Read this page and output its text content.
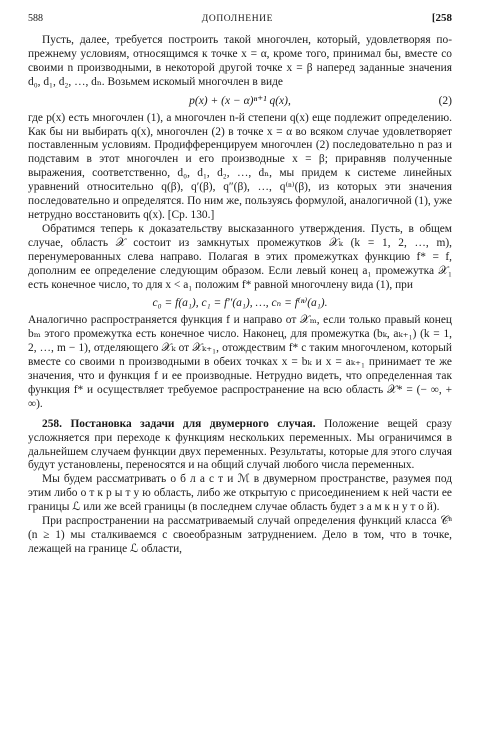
588	ДОПОЛНЕНИЕ	[258

Пусть, далее, требуется построить такой многочлен, который, удовлетворяя по-прежнему условиям, относящимся к точке x = α, кроме того, принимал бы, вместе со своими n производными, в некоторой другой точке x = β наперед заданные значения d₀, d₁, d₂, …, dₙ. Возьмем искомый многочлен в виде

p(x) + (x − α)ⁿ⁺¹ q(x),	(2)

где p(x) есть многочлен (1), а многочлен n-й степени q(x) еще подлежит определению. Как бы ни выбирать q(x), многочлен (2) в точке x = α во всяком случае удовлетворяет поставленным условиям. Продифференцируем многочлен (2) последовательно n раз и подставим в этот многочлен и его производные x = β; приравняв полученные выражения, соответственно, d₀, d₁, d₂, …, dₙ, мы придем к системе линейных уравнений относительно q(β), q′(β), q″(β), …, q⁽ⁿ⁾(β), из которых эти значения последовательно и определятся. По ним же, пользуясь формулой, аналогичной (1), уже нетрудно восстановить q(x). [Ср. 130.]

Обратимся теперь к доказательству высказанного утверждения. Пусть, в общем случае, область 𝒳 состоит из замкнутых промежутков 𝒳ₖ (k = 1, 2, …, m), перенумерованных слева направо. Полагая в этих промежутках функцию f* = f, дополним ее определение следующим образом. Если левый конец a₁ промежутка 𝒳₁ есть конечное число, то для x < a₁ положим f* равной многочлену вида (1), при

c₀ = f(a₁), c₁ = f′′(a₁), …, cₙ = f⁽ⁿ⁾(a₁).

Аналогично распространяется функция f и направо от 𝒳ₘ, если только правый конец bₘ этого промежутка есть конечное число. Наконец, для промежутка (bₖ, aₖ₊₁) (k = 1, 2, …, m − 1), отделяющего 𝒳ₖ от 𝒳ₖ₊₁, отождествим f* с таким многочленом, который вместе со своими n производными в обеих точках x = bₖ и x = aₖ₊₁ принимает те же значения, что и функция f и ее производные. Нетрудно видеть, что определенная так функция f* и осуществляет требуемое распространение на всю область 𝒳* = (− ∞, + ∞).

258. Постановка задачи для двумерного случая. Положение вещей сразу усложняется при переходе к функциям нескольких переменных. Мы ограничимся в дальнейшем случаем функции двух переменных. Результаты, которые для этого случая будут установлены, переносятся и на общий случай любого числа переменных.

Мы будем рассматривать о б л а с т и ℳ в двумерном пространстве, разумея под этим либо о т к р ы т у ю область, либо же открытую с присоединением к ней части ее границы ℒ или же всей границы (в последнем случае область будет з а м к н у т о й).

При распространении на рассматриваемый случай определения функций класса 𝒞ⁿ (n ≥ 1) мы сталкиваемся с своеобразным затруднением. Дело в том, что в точке, лежащей на границе ℒ области,
